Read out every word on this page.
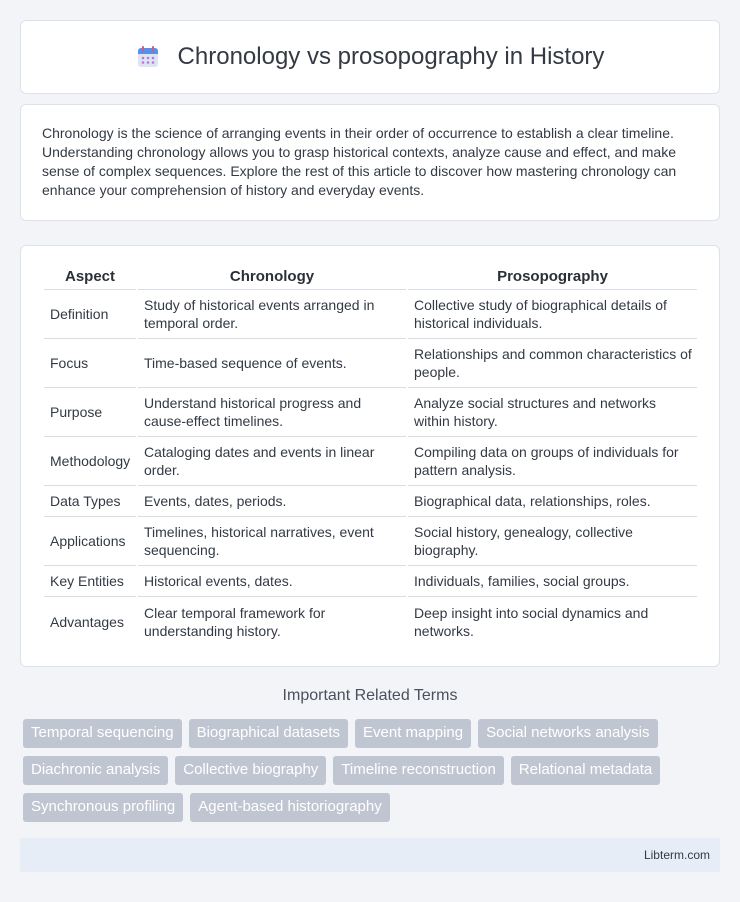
Chronology vs prosopography in History

Chronology is the science of arranging events in their order of occurrence to establish a clear timeline. Understanding chronology allows you to grasp historical contexts, analyze cause and effect, and make sense of complex sequences. Explore the rest of this article to discover how mastering chronology can enhance your comprehension of history and everyday events.

Aspect	Chronology	Prosopography
Definition	Study of historical events arranged in temporal order.	Collective study of biographical details of historical individuals.
Focus	Time-based sequence of events.	Relationships and common characteristics of people.
Purpose	Understand historical progress and cause-effect timelines.	Analyze social structures and networks within history.
Methodology	Cataloging dates and events in linear order.	Compiling data on groups of individuals for pattern analysis.
Data Types	Events, dates, periods.	Biographical data, relationships, roles.
Applications	Timelines, historical narratives, event sequencing.	Social history, genealogy, collective biography.
Key Entities	Historical events, dates.	Individuals, families, social groups.
Advantages	Clear temporal framework for understanding history.	Deep insight into social dynamics and networks.
Important Related Terms
Temporal sequencing	Biographical datasets	Event mapping	Social networks analysis
Diachronic analysis	Collective biography	Timeline reconstruction	Relational metadata
Synchronous profiling	Agent-based historiography
Libterm.com
